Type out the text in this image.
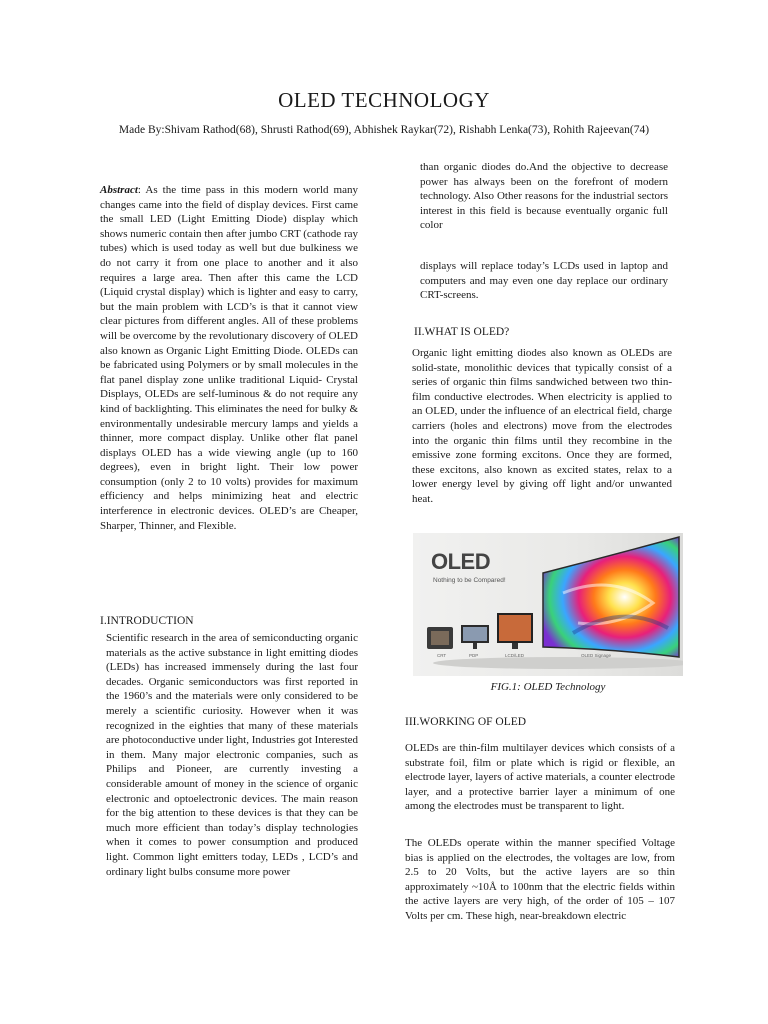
OLED TECHNOLOGY
Made By:Shivam Rathod(68), Shrusti Rathod(69), Abhishek Raykar(72), Rishabh Lenka(73), Rohith Rajeevan(74)

Abstract: As the time pass in this modern world many changes came into the field of display devices. First came the small LED (Light Emitting Diode) display which shows numeric contain then after jumbo CRT (cathode ray tubes) which is used today as well but due bulkiness we do not carry it from one place to another and it also requires a large area. Then after this came the LCD (Liquid crystal display) which is lighter and easy to carry, but the main problem with LCD’s is that it cannot view clear pictures from different angles. All of these problems will be overcome by the revolutionary discovery of OLED also known as Organic Light Emitting Diode. OLEDs can be fabricated using Polymers or by small molecules in the flat panel display zone unlike traditional Liquid- Crystal Displays, OLEDs are self-luminous & do not require any kind of backlighting. This eliminates the need for bulky & environmentally undesirable mercury lamps and yields a thinner, more compact display. Unlike other flat panel displays OLED has a wide viewing angle (up to 160 degrees), even in bright light. Their low power consumption (only 2 to 10 volts) provides for maximum efficiency and helps minimizing heat and electric interference in electronic devices. OLED’s are Cheaper, Sharper, Thinner, and Flexible.

I.INTRODUCTION

Scientific research in the area of semiconducting organic materials as the active substance in light emitting diodes (LEDs) has increased immensely during the last four decades. Organic semiconductors was first reported in the 1960’s and the materials were only considered to be merely a scientific curiosity. However when it was recognized in the eighties that many of these materials are photoconductive under light, Industries got Interested in them. Many major electronic companies, such as Philips and Pioneer, are currently investing a considerable amount of money in the science of organic electronic and optoelectronic devices. The main reason for the big attention to these devices is that they can be much more efficient than today’s display technologies when it comes to power consumption and produced light. Common light emitters today, LEDs , LCD’s and ordinary light bulbs consume more power

than organic diodes do.And the objective to decrease power has always been on the forefront of modern technology. Also Other reasons for the industrial sectors interest in this field is because eventually organic full color

displays will replace today’s LCDs used in laptop and computers and may even one day replace our ordinary CRT-screens.

II.WHAT IS OLED?

Organic light emitting diodes also known as OLEDs are solid-state, monolithic devices that typically consist of a series of organic thin films sandwiched between two thin-film conductive electrodes. When electricity is applied to an OLED, under the influence of an electrical field, charge carriers (holes and electrons) move from the electrodes into the organic thin films until they recombine in the emissive zone forming excitons. Once they are formed, these excitons, also known as excited states, relax to a lower energy level by giving off light and/or unwanted heat.

OLED
Nothing to be Compared!
CRT	PDP	LCD/LED	OLED Signage
FIG.1: OLED Technology
III.WORKING OF OLED

OLEDs are thin-film multilayer devices which consists of a substrate foil, film or plate which is rigid or flexible, an electrode layer, layers of active materials, a counter electrode layer, and a protective barrier layer a minimum of one among the electrodes must be transparent to light.

The OLEDs operate within the manner specified Voltage bias is applied on the electrodes, the voltages are low, from 2.5 to 20 Volts, but the active layers are so thin approximately ~10Å to 100nm that the electric fields within the active layers are very high, of the order of 105 – 107 Volts per cm. These high, near-breakdown electric
